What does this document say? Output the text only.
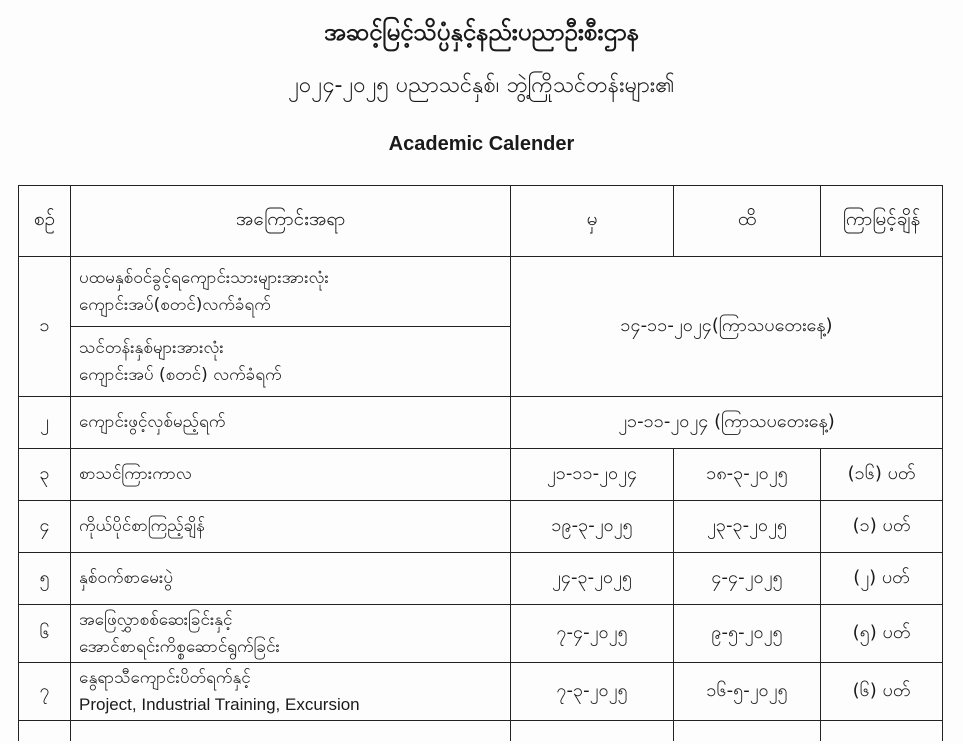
အဆင့်မြင့်သိပ္ပံနှင့်နည်းပညာဦးစီးဌာန
၂၀၂၄-၂၀၂၅ ပညာသင်နှစ်၊ ဘွဲ့ကြိုသင်တန်းများ၏
Academic Calender
စဉ်	အကြောင်းအရာ	မှ	ထိ	ကြာမြင့်ချိန်
၁	ပထမနှစ်ဝင်ခွင့်ရကျောင်းသားများအားလုံး
ကျောင်းအပ်(စတင်)လက်ခံရက်	၁၄-၁၁-၂၀၂၄(ကြာသပတေးနေ့)		

	သင်တန်းနှစ်များအားလုံး
ကျောင်းအပ် (စတင်) လက်ခံရက်			

၂	ကျောင်းဖွင့်လှစ်မည့်ရက်	၂၁-၁၁-၂၀၂၄ (ကြာသပတေးနေ့)		
၃	စာသင်ကြားကာလ	၂၁-၁၁-၂၀၂၄	၁၈-၃-၂၀၂၅	(၁၆) ပတ်
၄	ကိုယ်ပိုင်စာကြည့်ချိန်	၁၉-၃-၂၀၂၅	၂၃-၃-၂၀၂၅	(၁) ပတ်
၅	နှစ်ဝက်စာမေးပွဲ	၂၄-၃-၂၀၂၅	၄-၄-၂၀၂၅	(၂) ပတ်
၆	အဖြေလွှာစစ်ဆေးခြင်းနှင့်
အောင်စာရင်းကိစ္စဆောင်ရွက်ခြင်း	၇-၄-၂၀၂၅	၉-၅-၂၀၂၅	(၅) ပတ်
၇	နွေရာသီကျောင်းပိတ်ရက်နှင့်
Project, Industrial Training, Excursion	၇-၃-၂၀၂၅	၁၆-၅-၂၀၂၅	(၆) ပတ်
